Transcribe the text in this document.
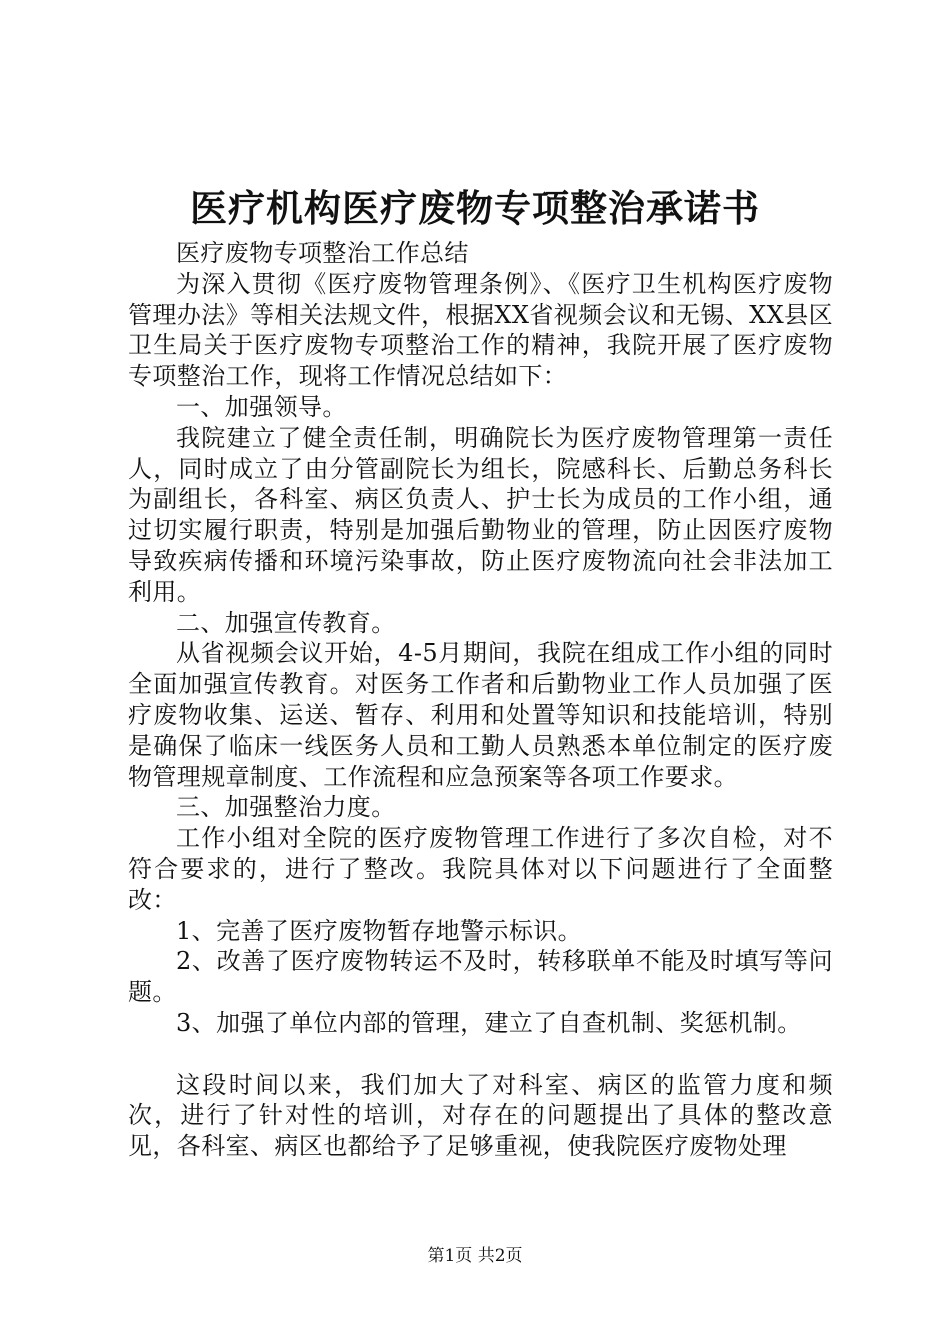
医疗机构医疗废物专项整治承诺书

医疗废物专项整治工作总结

为深入贯彻《医疗废物管理条例》、《医疗卫生机构医疗废物管理办法》等相关法规文件，根据XX省视频会议和无锡、XX县区卫生局关于医疗废物专项整治工作的精神，我院开展了医疗废物专项整治工作，现将工作情况总结如下：

一、加强领导。

我院建立了健全责任制，明确院长为医疗废物管理第一责任人，同时成立了由分管副院长为组长，院感科长、后勤总务科长为副组长，各科室、病区负责人、护士长为成员的工作小组，通过切实履行职责，特别是加强后勤物业的管理，防止因医疗废物导致疾病传播和环境污染事故，防止医疗废物流向社会非法加工利用。

二、加强宣传教育。

从省视频会议开始，4-5月期间，我院在组成工作小组的同时全面加强宣传教育。对医务工作者和后勤物业工作人员加强了医疗废物收集、运送、暂存、利用和处置等知识和技能培训，特别是确保了临床一线医务人员和工勤人员熟悉本单位制定的医疗废物管理规章制度、工作流程和应急预案等各项工作要求。

三、加强整治力度。

工作小组对全院的医疗废物管理工作进行了多次自检，对不符合要求的，进行了整改。我院具体对以下问题进行了全面整改：

1、完善了医疗废物暂存地警示标识。

2、改善了医疗废物转运不及时，转移联单不能及时填写等问题。

3、加强了单位内部的管理，建立了自查机制、奖惩机制。

这段时间以来，我们加大了对科室、病区的监管力度和频次，进行了针对性的培训，对存在的问题提出了具体的整改意见，各科室、病区也都给予了足够重视，使我院医疗废物处理

第1页 共2页
